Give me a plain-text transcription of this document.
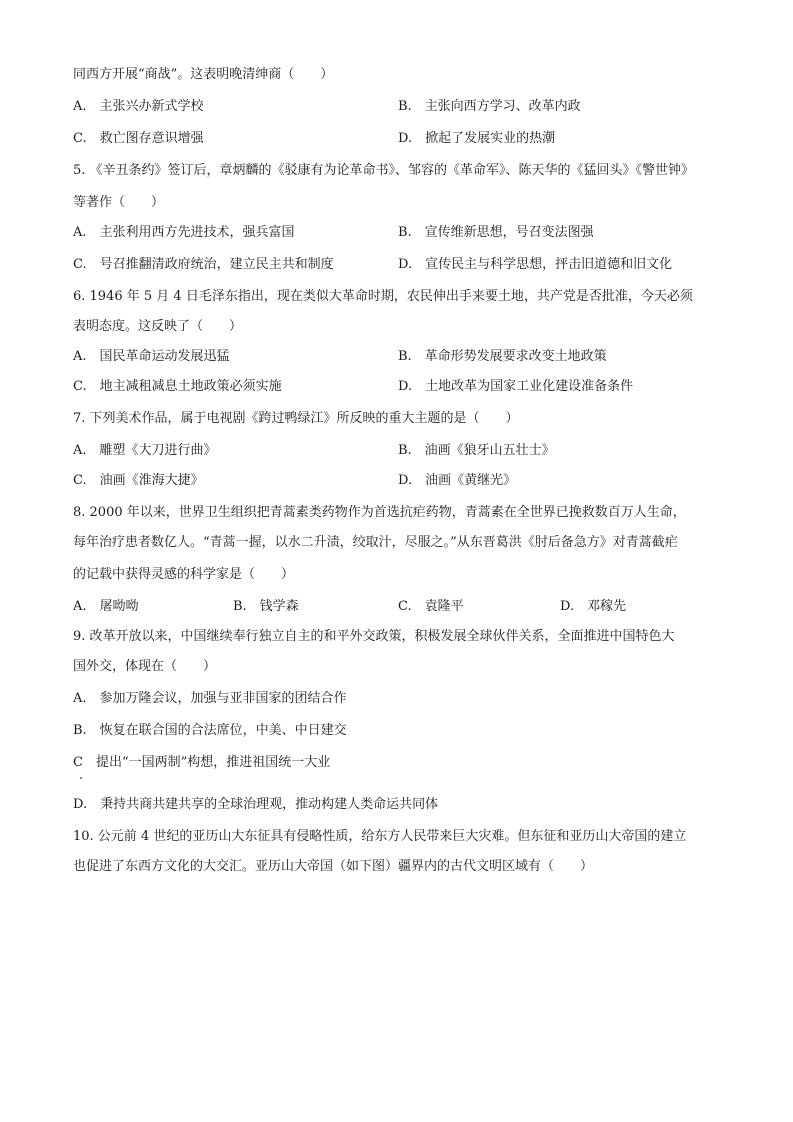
同西方开展“商战”。这表明晚清绅商（　　）
A.　主张兴办新式学校	B.　主张向西方学习、改革内政
C.　救亡图存意识增强	D.　掀起了发展实业的热潮
5. 《辛丑条约》签订后，章炳麟的《驳康有为论革命书》、邹容的《革命军》、陈天华的《猛回头》《警世钟》
等著作（　　）
A.　主张利用西方先进技术，强兵富国	B.　宣传维新思想，号召变法图强
C.　号召推翻清政府统治，建立民主共和制度	D.　宣传民主与科学思想，抨击旧道德和旧文化
6. 1946 年 5 月 4 日毛泽东指出，现在类似大革命时期，农民伸出手来要土地，共产党是否批准，今天必须
表明态度。这反映了（　　）
A.　国民革命运动发展迅猛	B.　革命形势发展要求改变土地政策
C.　地主减租减息土地政策必须实施	D.　土地改革为国家工业化建设准备条件
7. 下列美术作品，属于电视剧《跨过鸭绿江》所反映的重大主题的是（　　）
A.　雕塑《大刀进行曲》	B.　油画《狼牙山五壮士》
C.　油画《淮海大捷》	D.　油画《黄继光》
8. 2000 年以来，世界卫生组织把青蒿素类药物作为首选抗疟药物，青蒿素在全世界已挽救数百万人生命，
每年治疗患者数亿人。“青蒿一握，以水二升渍，绞取汁，尽服之。”从东晋葛洪《肘后备急方》对青蒿截疟
的记载中获得灵感的科学家是（　　）
A.　屠呦呦	B.　钱学森	C.　袁隆平	D.　邓稼先
9. 改革开放以来，中国继续奉行独立自主的和平外交政策，积极发展全球伙伴关系，全面推进中国特色大
国外交，体现在（　　）
A.　参加万隆会议，加强与亚非国家的团结合作
B.　恢复在联合国的合法席位，中美、中日建交
C　提出“一国两制”构想，推进祖国统一大业
D.　秉持共商共建共享的全球治理观，推动构建人类命运共同体
10. 公元前 4 世纪的亚历山大东征具有侵略性质，给东方人民带来巨大灾难。但东征和亚历山大帝国的建立
也促进了东西方文化的大交汇。亚历山大帝国（如下图）疆界内的古代文明区域有（　　）
